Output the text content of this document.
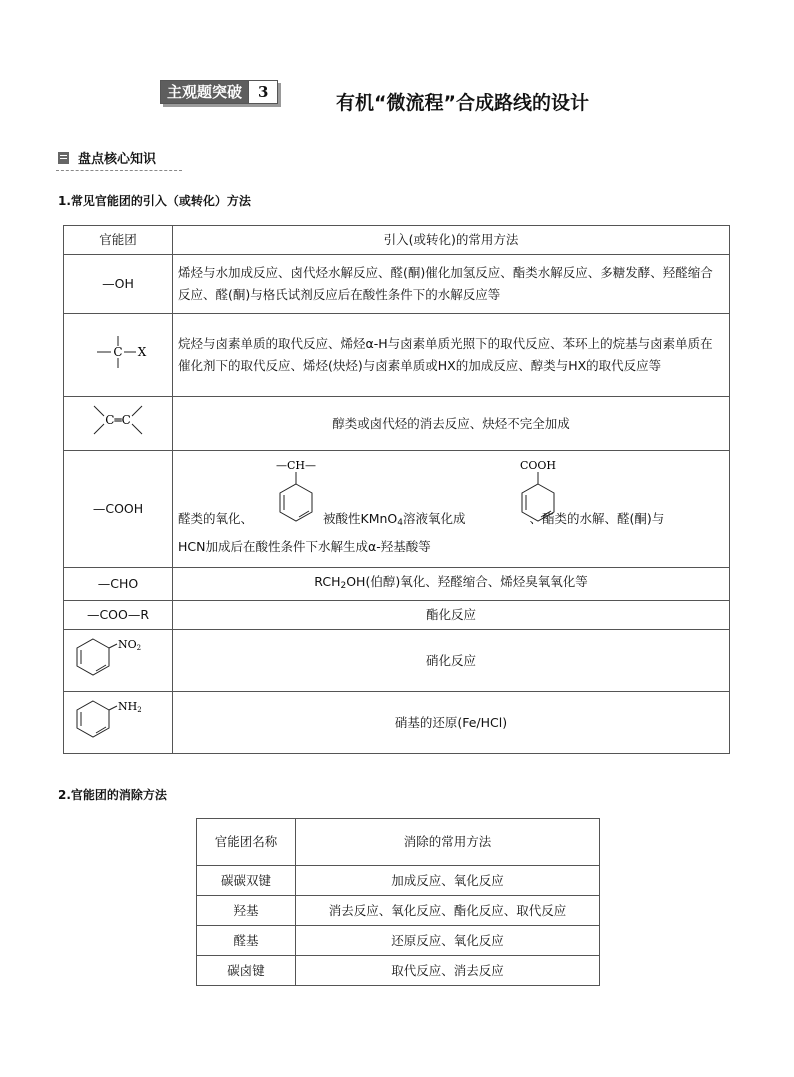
主观题突破	3	有机“微流程”合成路线的设计
盘点核心知识
1.常见官能团的引入（或转化）方法
官能团	引入(或转化)的常用方法
—OH	烯烃与水加成反应、卤代烃水解反应、醛(酮)催化加氢反应、酯类水解反应、多糖发酵、羟醛缩合反应、醛(酮)与格氏试剂反应后在酸性条件下的水解反应等

C X	烷烃与卤素单质的取代反应、烯烃α-H与卤素单质光照下的取代反应、苯环上的烷基与卤素单质在催化剂下的取代反应、烯烃(炔烃)与卤素单质或HX的加成反应、醇类与HX的取代反应等

C═C	醇类或卤代烃的消去反应、炔烃不完全加成
—COOH	—CH— COOH
醛类的氧化、 被酸性KMnO$_4$溶液氧化成 、酯类的水解、醛(酮)与
HCN加成后在酸性条件下水解生成α-羟基酸等

—CHO	$RCH_2OH$(伯醇)氧化、羟醛缩合、烯烃臭氧氧化等
—COO—R	酯化反应

NO2	硝化反应

NH2	硝基的还原(Fe/HCl)
2.官能团的消除方法
官能团名称	消除的常用方法
碳碳双键	加成反应、氧化反应
羟基	消去反应、氧化反应、酯化反应、取代反应
醛基	还原反应、氧化反应
碳卤键	取代反应、消去反应
